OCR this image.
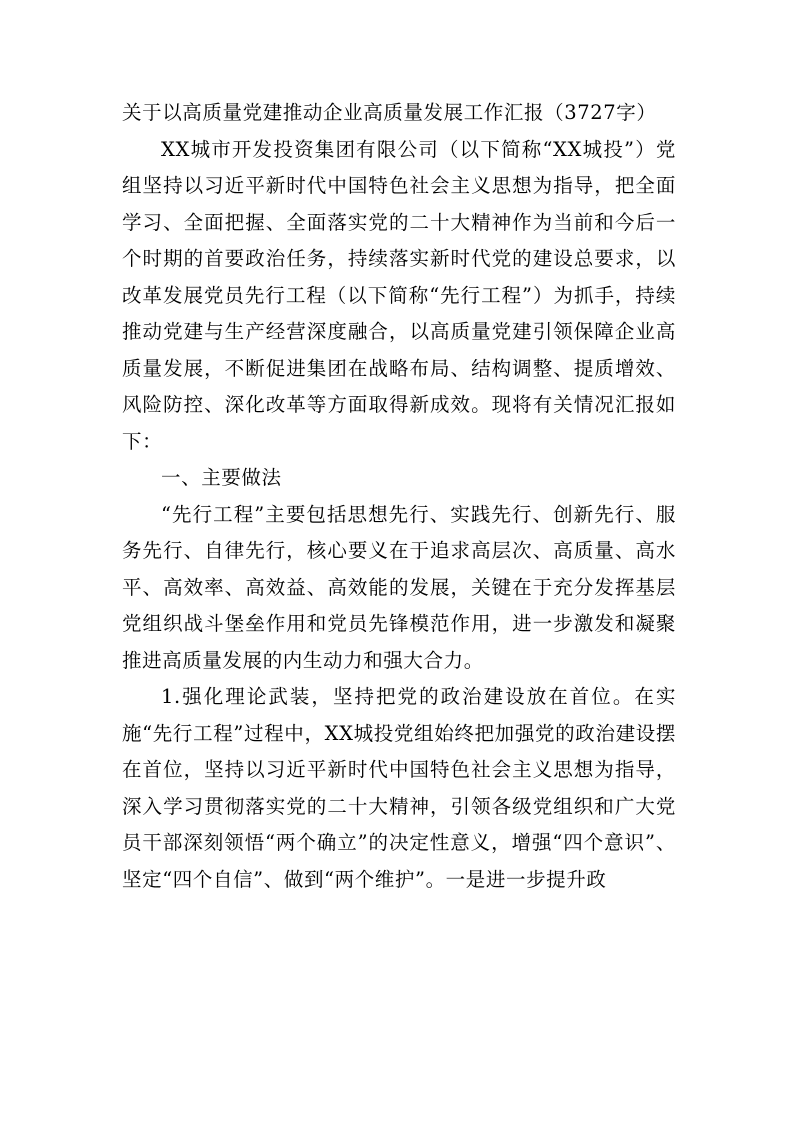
关于以高质量党建推动企业高质量发展工作汇报（3727字）

XX城市开发投资集团有限公司（以下简称“XX城投”）党组坚持以习近平新时代中国特色社会主义思想为指导，把全面学习、全面把握、全面落实党的二十大精神作为当前和今后一个时期的首要政治任务，持续落实新时代党的建设总要求，以改革发展党员先行工程（以下简称“先行工程”）为抓手，持续推动党建与生产经营深度融合，以高质量党建引领保障企业高质量发展，不断促进集团在战略布局、结构调整、提质增效、风险防控、深化改革等方面取得新成效。现将有关情况汇报如下：

一、主要做法

“先行工程”主要包括思想先行、实践先行、创新先行、服务先行、自律先行，核心要义在于追求高层次、高质量、高水平、高效率、高效益、高效能的发展，关键在于充分发挥基层党组织战斗堡垒作用和党员先锋模范作用，进一步激发和凝聚推进高质量发展的内生动力和强大合力。

1.强化理论武装，坚持把党的政治建设放在首位。在实施“先行工程”过程中，XX城投党组始终把加强党的政治建设摆在首位，坚持以习近平新时代中国特色社会主义思想为指导，深入学习贯彻落实党的二十大精神，引领各级党组织和广大党员干部深刻领悟“两个确立”的决定性意义，增强“四个意识”、坚定“四个自信”、做到“两个维护”。一是进一步提升政
